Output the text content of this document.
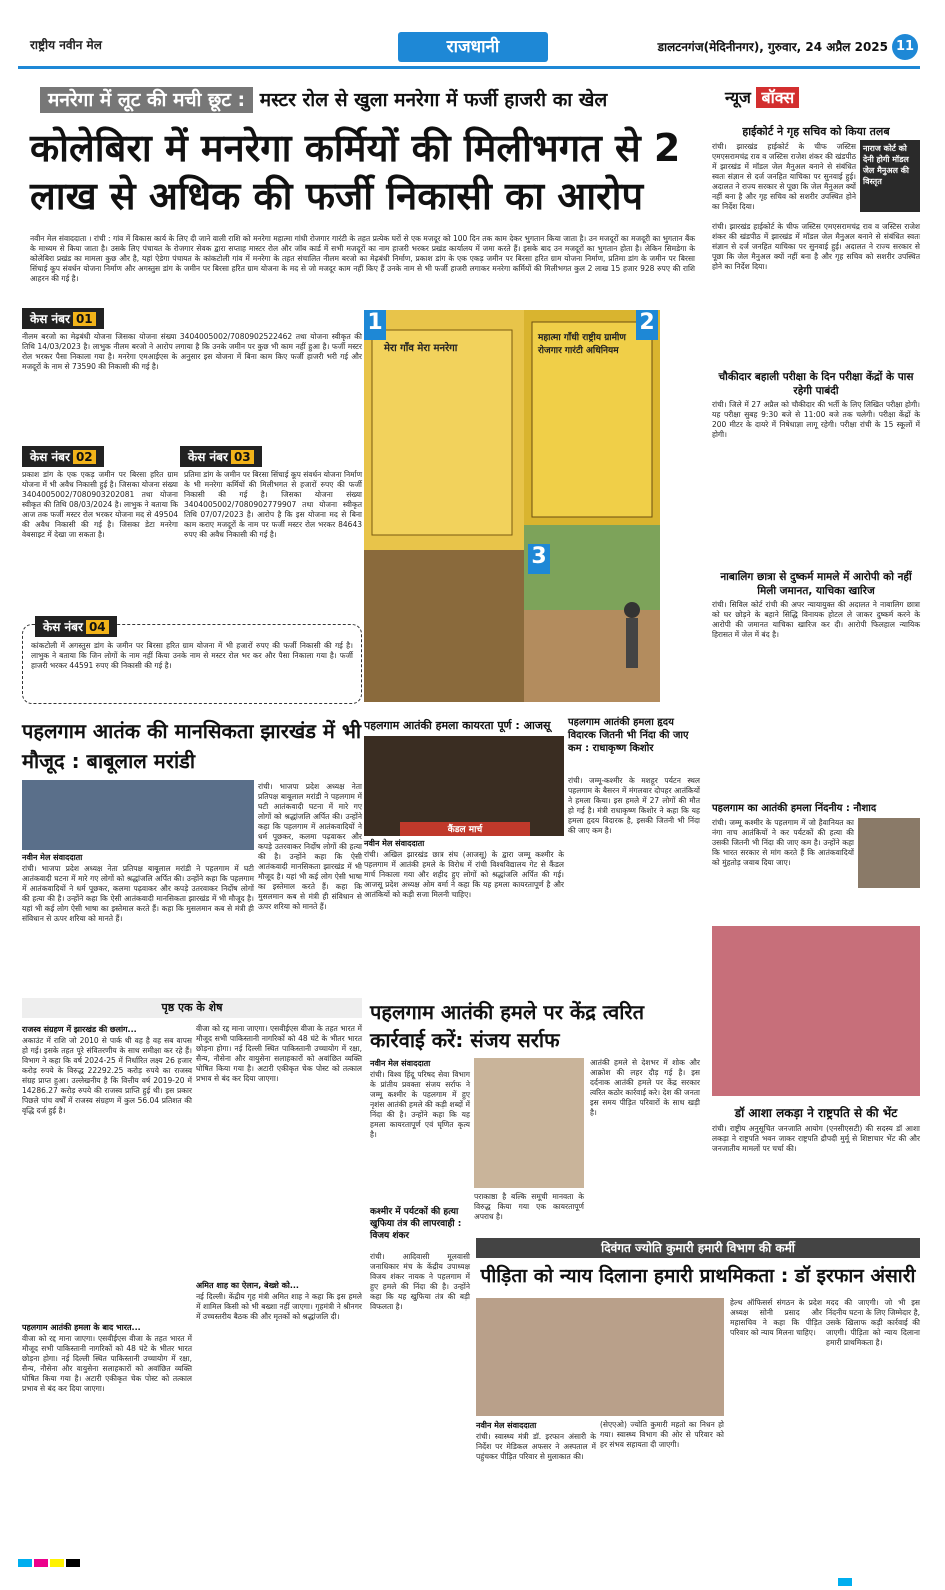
राष्ट्रीय नवीन मेल	राजधानी	डालटनगंज(मेदिनीनगर), गुरुवार, 24 अप्रैल 2025 11
मनरेगा में लूट की मची छूट : मस्टर रोल से खुला मनरेगा में फर्जी हाजरी का खेल
कोलेबिरा में मनरेगा कर्मियों की मिलीभगत से 2 लाख से अधिक की फर्जी निकासी का आरोप
नवीन मेल संवाददाता । रांची : गांव में विकास कार्य के लिए दी जाने वाली राशि को मनरेगा महात्मा गांधी रोजगार गारंटी के तहत प्रत्येक घरों से एक मजदूर को 100 दिन तक काम देकर भुगतान किया जाता है। उन मजदूरों का मजदूरी का भुगतान बैंक के माध्यम से किया जाता है। उसके लिए पंचायत के रोजगार सेवक द्वारा सप्ताह मास्टर रोल और जॉब कार्ड में सभी मजदूरों का नाम हाजरी भरकर प्रखंड कार्यालय में जमा करते हैं। इसके बाद उन मजदूरों का भुगतान होता है। लेकिन सिमडेगा के कोलेबिरा प्रखंड का मामला कुछ और है, यहां ऐडेगा पंचायत के कांकटोली गांव में मनरेगा के तहत संचालित नीलम बरजो का मेढ़बंधी निर्माण, प्रकाश डांग के एक एकड़ जमीन पर बिरसा हरित ग्राम योजना निर्माण, प्रतिमा डांग के जमीन पर बिरसा सिंचाई कूप संवर्धन योजना निर्माण और अगस्तुस डांग के जमीन पर बिरसा हरित ग्राम योजना के मद से जो मजदूर काम नहीं किए हैं उनके नाम से भी फर्जी हाजरी लगाकर मनरेगा कर्मियों की मिलीभगत कुल 2 लाख 15 हजार 928 रुपए की राशि आहरन की गई है।
केस नंबर 01
नीलम बरजो का मेढ़बंधी योजना जिसका योजना संख्या 3404005002/7080902522462 तथा योजना स्वीकृत की तिथि 14/03/2023 है। लाभुक नीलम बरजो ने आरोप लगाया है कि उनके जमीन पर कुछ भी काम नहीं हुआ है। फर्जी मस्टर रोल भरकर पैसा निकाला गया है। मनरेगा एमआईएस के अनुसार इस योजना में बिना काम किए फर्जी हाजरी भरी गई और मजदूरों के नाम से 73590 की निकासी की गई है।
केस नंबर 02
प्रकाश डांग के एक एकड़ जमीन पर बिरसा हरित ग्राम योजना में भी अवैध निकासी हुई है। जिसका योजना संख्या 3404005002/7080903202081 तथा योजना स्वीकृत की तिथि 08/03/2024 है। लाभुक ने बताया कि आज तक फर्जी मस्टर रोल भरकर योजना मद से 49504 की अवैध निकासी की गई है। जिसका डेटा मनरेगा वेबसाइट में देखा जा सकता है।
केस नंबर 03
प्रतिमा डांग के जमीन पर बिरसा सिंचाई कूप संवर्धन योजना निर्माण के भी मनरेगा कर्मियों की मिलीभगत से हजारों रुपए की फर्जी निकासी की गई है। जिसका योजना संख्या 3404005002/7080902779907 तथा योजना स्वीकृत तिथि 07/07/2023 है। आरोप है कि इस योजना मद से बिना काम कराए मजदूरों के नाम पर फर्जी मस्टर रोल भरकर 84643 रुपए की अवैध निकासी की गई है।
केस नंबर 04
कांकटोली में अगस्तुस डांग के जमीन पर बिरसा हरित ग्राम योजना में भी हजारों रुपए की फर्जी निकासी की गई है। लाभुक ने बताया कि जिन लोगों के नाम नहीं किया उनके नाम से मस्टर रोल भर कर और पैसा निकाला गया है। फर्जी हाजरी भरकर 44591 रुपए की निकासी की गई है।
1	2
3
मेरा गाँव मेरा मनरेगा
महात्मा गाँधी राष्ट्रीय ग्रामीण रोजगार गारंटी अधिनियम
पहलगाम आतंक की मानसिकता झारखंड में भी मौजूद : बाबूलाल मरांडी
नवीन मेल संवाददाता
रांची। भाजपा प्रदेश अध्यक्ष नेता प्रतिपक्ष बाबूलाल मरांडी ने पहलगाम में घटी आतंकवादी घटना में मारे गए लोगों को श्रद्धांजलि अर्पित की। उन्होंने कहा कि पहलगाम में आतंकवादियों ने धर्म पूछकर, कलमा पढ़वाकर और कपड़े उतरवाकर निर्दोष लोगों की हत्या की है। उन्होंने कहा कि ऐसी आतंकवादी मानसिकता झारखंड में भी मौजूद है। यहां भी कई लोग ऐसी भाषा का इस्तेमाल करते हैं। कहा कि मुसलमान कब से मंत्री ही संविधान से ऊपर शरिया को मानते हैं।
रांची। भाजपा प्रदेश अध्यक्ष नेता प्रतिपक्ष बाबूलाल मरांडी ने पहलगाम में घटी आतंकवादी घटना में मारे गए लोगों को श्रद्धांजलि अर्पित की। उन्होंने कहा कि पहलगाम में आतंकवादियों ने धर्म पूछकर, कलमा पढ़वाकर और कपड़े उतरवाकर निर्दोष लोगों की हत्या की है। उन्होंने कहा कि ऐसी आतंकवादी मानसिकता झारखंड में भी मौजूद है। यहां भी कई लोग ऐसी भाषा का इस्तेमाल करते हैं। कहा कि मुसलमान कब से मंत्री ही संविधान से ऊपर शरिया को मानते हैं।
पहलगाम आतंकी हमला कायरता पूर्ण : आजसू
कैंडल मार्च
नवीन मेल संवाददाता
रांची। अखिल झारखंड छात्र संघ (आजसू) के द्वारा जम्मू कश्मीर के पहलगाम में आतंकी हमले के विरोध में रांची विश्वविद्यालय गेट से कैंडल मार्च निकाला गया और शहीद हुए लोगों को श्रद्धांजलि अर्पित की गई। आजसू प्रदेश अध्यक्ष ओम वर्मा ने कहा कि यह हमला कायरतापूर्ण है और आतंकियों को कड़ी सजा मिलनी चाहिए।
पहलगाम आतंकी हमला हृदय विदारक जितनी भी निंदा की जाए कम : राधाकृष्ण किशोर
रांची। जम्मू-कश्मीर के मशहूर पर्यटन स्थल पहलगाम के बैसरन में मंगलवार दोपहर आतंकियों ने हमला किया। इस हमले में 27 लोगों की मौत हो गई है। मंत्री राधाकृष्ण किशोर ने कहा कि यह हमला हृदय विदारक है, इसकी जितनी भी निंदा की जाए कम है।
पृष्ठ एक के शेष
राजस्व संग्रहण में झारखंड की छलांग...
अकाउंट में राशि जो 2010 से पार्क थी वह है वह सब वापस हो गई। इसके तहत पूरे संवितरणीय के साथ समीक्षा कर रहे हैं। विभाग ने कहा कि वर्ष 2024-25 में निर्धारित लक्ष्य 26 हजार करोड़ रुपये के विरुद्ध 22292.25 करोड़ रुपये का राजस्व संग्रह प्राप्त हुआ। उल्लेखनीय है कि वित्तीय वर्ष 2019-20 में 14286.27 करोड़ रुपये की राजस्व प्राप्ति हुई थी। इस प्रकार पिछले पांच वर्षों में राजस्व संग्रहण में कुल 56.04 प्रतिशत की वृद्धि दर्ज हुई है।
पहलगाम आतंकी हमला के बाद भारत...
वीजा को रद्द माना जाएगा। एसवीईएस वीजा के तहत भारत में मौजूद सभी पाकिस्तानी नागरिकों को 48 घंटे के भीतर भारत छोड़ना होगा। नई दिल्ली स्थित पाकिस्तानी उच्चायोग में रक्षा, सैन्य, नौसेना और वायुसेना सलाहकारों को अवांछित व्यक्ति घोषित किया गया है। अटारी एकीकृत चेक पोस्ट को तत्काल प्रभाव से बंद कर दिया जाएगा।
वीजा को रद्द माना जाएगा। एसवीईएस वीजा के तहत भारत में मौजूद सभी पाकिस्तानी नागरिकों को 48 घंटे के भीतर भारत छोड़ना होगा। नई दिल्ली स्थित पाकिस्तानी उच्चायोग में रक्षा, सैन्य, नौसेना और वायुसेना सलाहकारों को अवांछित व्यक्ति घोषित किया गया है। अटारी एकीकृत चेक पोस्ट को तत्काल प्रभाव से बंद कर दिया जाएगा।
अमित शाह का ऐलान, बेख्शे को...
नई दिल्ली। केंद्रीय गृह मंत्री अमित शाह ने कहा कि इस हमले में शामिल किसी को भी बख्शा नहीं जाएगा। गृहमंत्री ने श्रीनगर में उच्चस्तरीय बैठक की और मृतकों को श्रद्धांजलि दी।
पहलगाम आतंकी हमले पर केंद्र त्वरित कार्रवाई करें: संजय सर्राफ
नवीन मेल संवाददाता
रांची। विश्व हिंदू परिषद सेवा विभाग के प्रांतीय प्रवक्ता संजय सर्राफ ने जम्मू कश्मीर के पहलगाम में हुए नृशंस आतंकी हमले की कड़ी शब्दों में निंदा की है। उन्होंने कहा कि यह हमला कायरतापूर्ण एवं घृणित कृत्य है।
पराकाष्ठा है बल्कि समूची मानवता के विरुद्ध किया गया एक कायरतापूर्ण अपराध है।
आतंकी हमले से देशभर में शोक और आक्रोश की लहर दौड़ गई है। इस दर्दनाक आतंकी हमले पर केंद्र सरकार त्वरित कठोर कार्रवाई करे। देश की जनता इस समय पीड़ित परिवारों के साथ खड़ी है।
कश्मीर में पर्यटकों की हत्या खुफिया तंत्र की लापरवाही : विजय शंकर
रांची। आदिवासी मूलवासी जनाधिकार मंच के केंद्रीय उपाध्यक्ष विजय शंकर नायक ने पहलगाम में हुए हमले की निंदा की है। उन्होंने कहा कि यह खुफिया तंत्र की बड़ी विफलता है।
न्यूज बॉक्स
हाईकोर्ट ने गृह सचिव को किया तलब
नाराज कोर्ट को देनी होगी मॉडल जेल मैनुअल की विस्तृत
रांची। झारखंड हाईकोर्ट के चीफ जस्टिस एमएसरामचंद्र राव व जस्टिस राजेश शंकर की खंडपीठ में झारखंड में मॉडल जेल मैनुअल बनाने से संबंधित स्वतः संज्ञान से दर्ज जनहित याचिका पर सुनवाई हुई। अदालत ने राज्य सरकार से पूछा कि जेल मैनुअल क्यों नहीं बना है और गृह सचिव को सशरीर उपस्थित होने का निर्देश दिया।
रांची। झारखंड हाईकोर्ट के चीफ जस्टिस एमएसरामचंद्र राव व जस्टिस राजेश शंकर की खंडपीठ में झारखंड में मॉडल जेल मैनुअल बनाने से संबंधित स्वतः संज्ञान से दर्ज जनहित याचिका पर सुनवाई हुई। अदालत ने राज्य सरकार से पूछा कि जेल मैनुअल क्यों नहीं बना है और गृह सचिव को सशरीर उपस्थित होने का निर्देश दिया।
चौकीदार बहाली परीक्षा के दिन परीक्षा केंद्रों के पास रहेगी पाबंदी
रांची। जिले में 27 अप्रैल को चौकीदार की भर्ती के लिए लिखित परीक्षा होगी। यह परीक्षा सुबह 9:30 बजे से 11:00 बजे तक चलेगी। परीक्षा केंद्रों के 200 मीटर के दायरे में निषेधाज्ञा लागू रहेगी। परीक्षा रांची के 15 स्कूलों में होगी।
नाबालिग छात्रा से दुष्कर्म मामले में आरोपी को नहीं मिली जमानत, याचिका खारिज
रांची। सिविल कोर्ट रांची की अपर न्यायायुक्त की अदालत ने नाबालिग छात्रा को घर छोड़ने के बहाने सिद्धि विनायक होटल ले जाकर दुष्कर्म करने के आरोपी की जमानत याचिका खारिज कर दी। आरोपी फिलहाल न्यायिक हिरासत में जेल में बंद है।
पहलगाम का आतंकी हमला निंदनीय : नौशाद
रांची। जम्मू कश्मीर के पहलगाम में जो हैवानियत का नंगा नाच आतंकियों ने कर पर्यटकों की हत्या की उसकी जितनी भी निंदा की जाए कम है। उन्होंने कहा कि भारत सरकार से मांग करते हैं कि आतंकवादियों को मुंहतोड़ जवाब दिया जाए।
डॉ आशा लकड़ा ने राष्ट्रपति से की भेंट
रांची। राष्ट्रीय अनुसूचित जनजाति आयोग (एनसीएसटी) की सदस्य डॉ आशा लकड़ा ने राष्ट्रपति भवन जाकर राष्ट्रपति द्रौपदी मुर्मू से शिष्टाचार भेंट की और जनजातीय मामलों पर चर्चा की।
दिवंगत ज्योति कुमारी हमारी विभाग की कर्मी
पीड़िता को न्याय दिलाना हमारी प्राथमिकता : डॉ इरफान अंसारी
नवीन मेल संवाददाता
रांची। स्वास्थ्य मंत्री डॉ. इरफान अंसारी के निर्देश पर मेडिकल अफसर ने अस्पताल में पहुंचकर पीड़ित परिवार से मुलाकात की।
(सेएएओ) ज्योति कुमारी महतो का निधन हो गया। स्वास्थ्य विभाग की ओर से परिवार को हर संभव सहायता दी जाएगी।
हेल्थ ऑफिसर्स संगठन के प्रदेश अध्यक्ष सोनी प्रसाद और महासचिव ने कहा कि पीड़ित परिवार को न्याय मिलना चाहिए।
मदद की जाएगी। जो भी इस निंदनीय घटना के लिए जिम्मेदार है, उसके खिलाफ कड़ी कार्रवाई की जाएगी। पीड़िता को न्याय दिलाना हमारी प्राथमिकता है।
